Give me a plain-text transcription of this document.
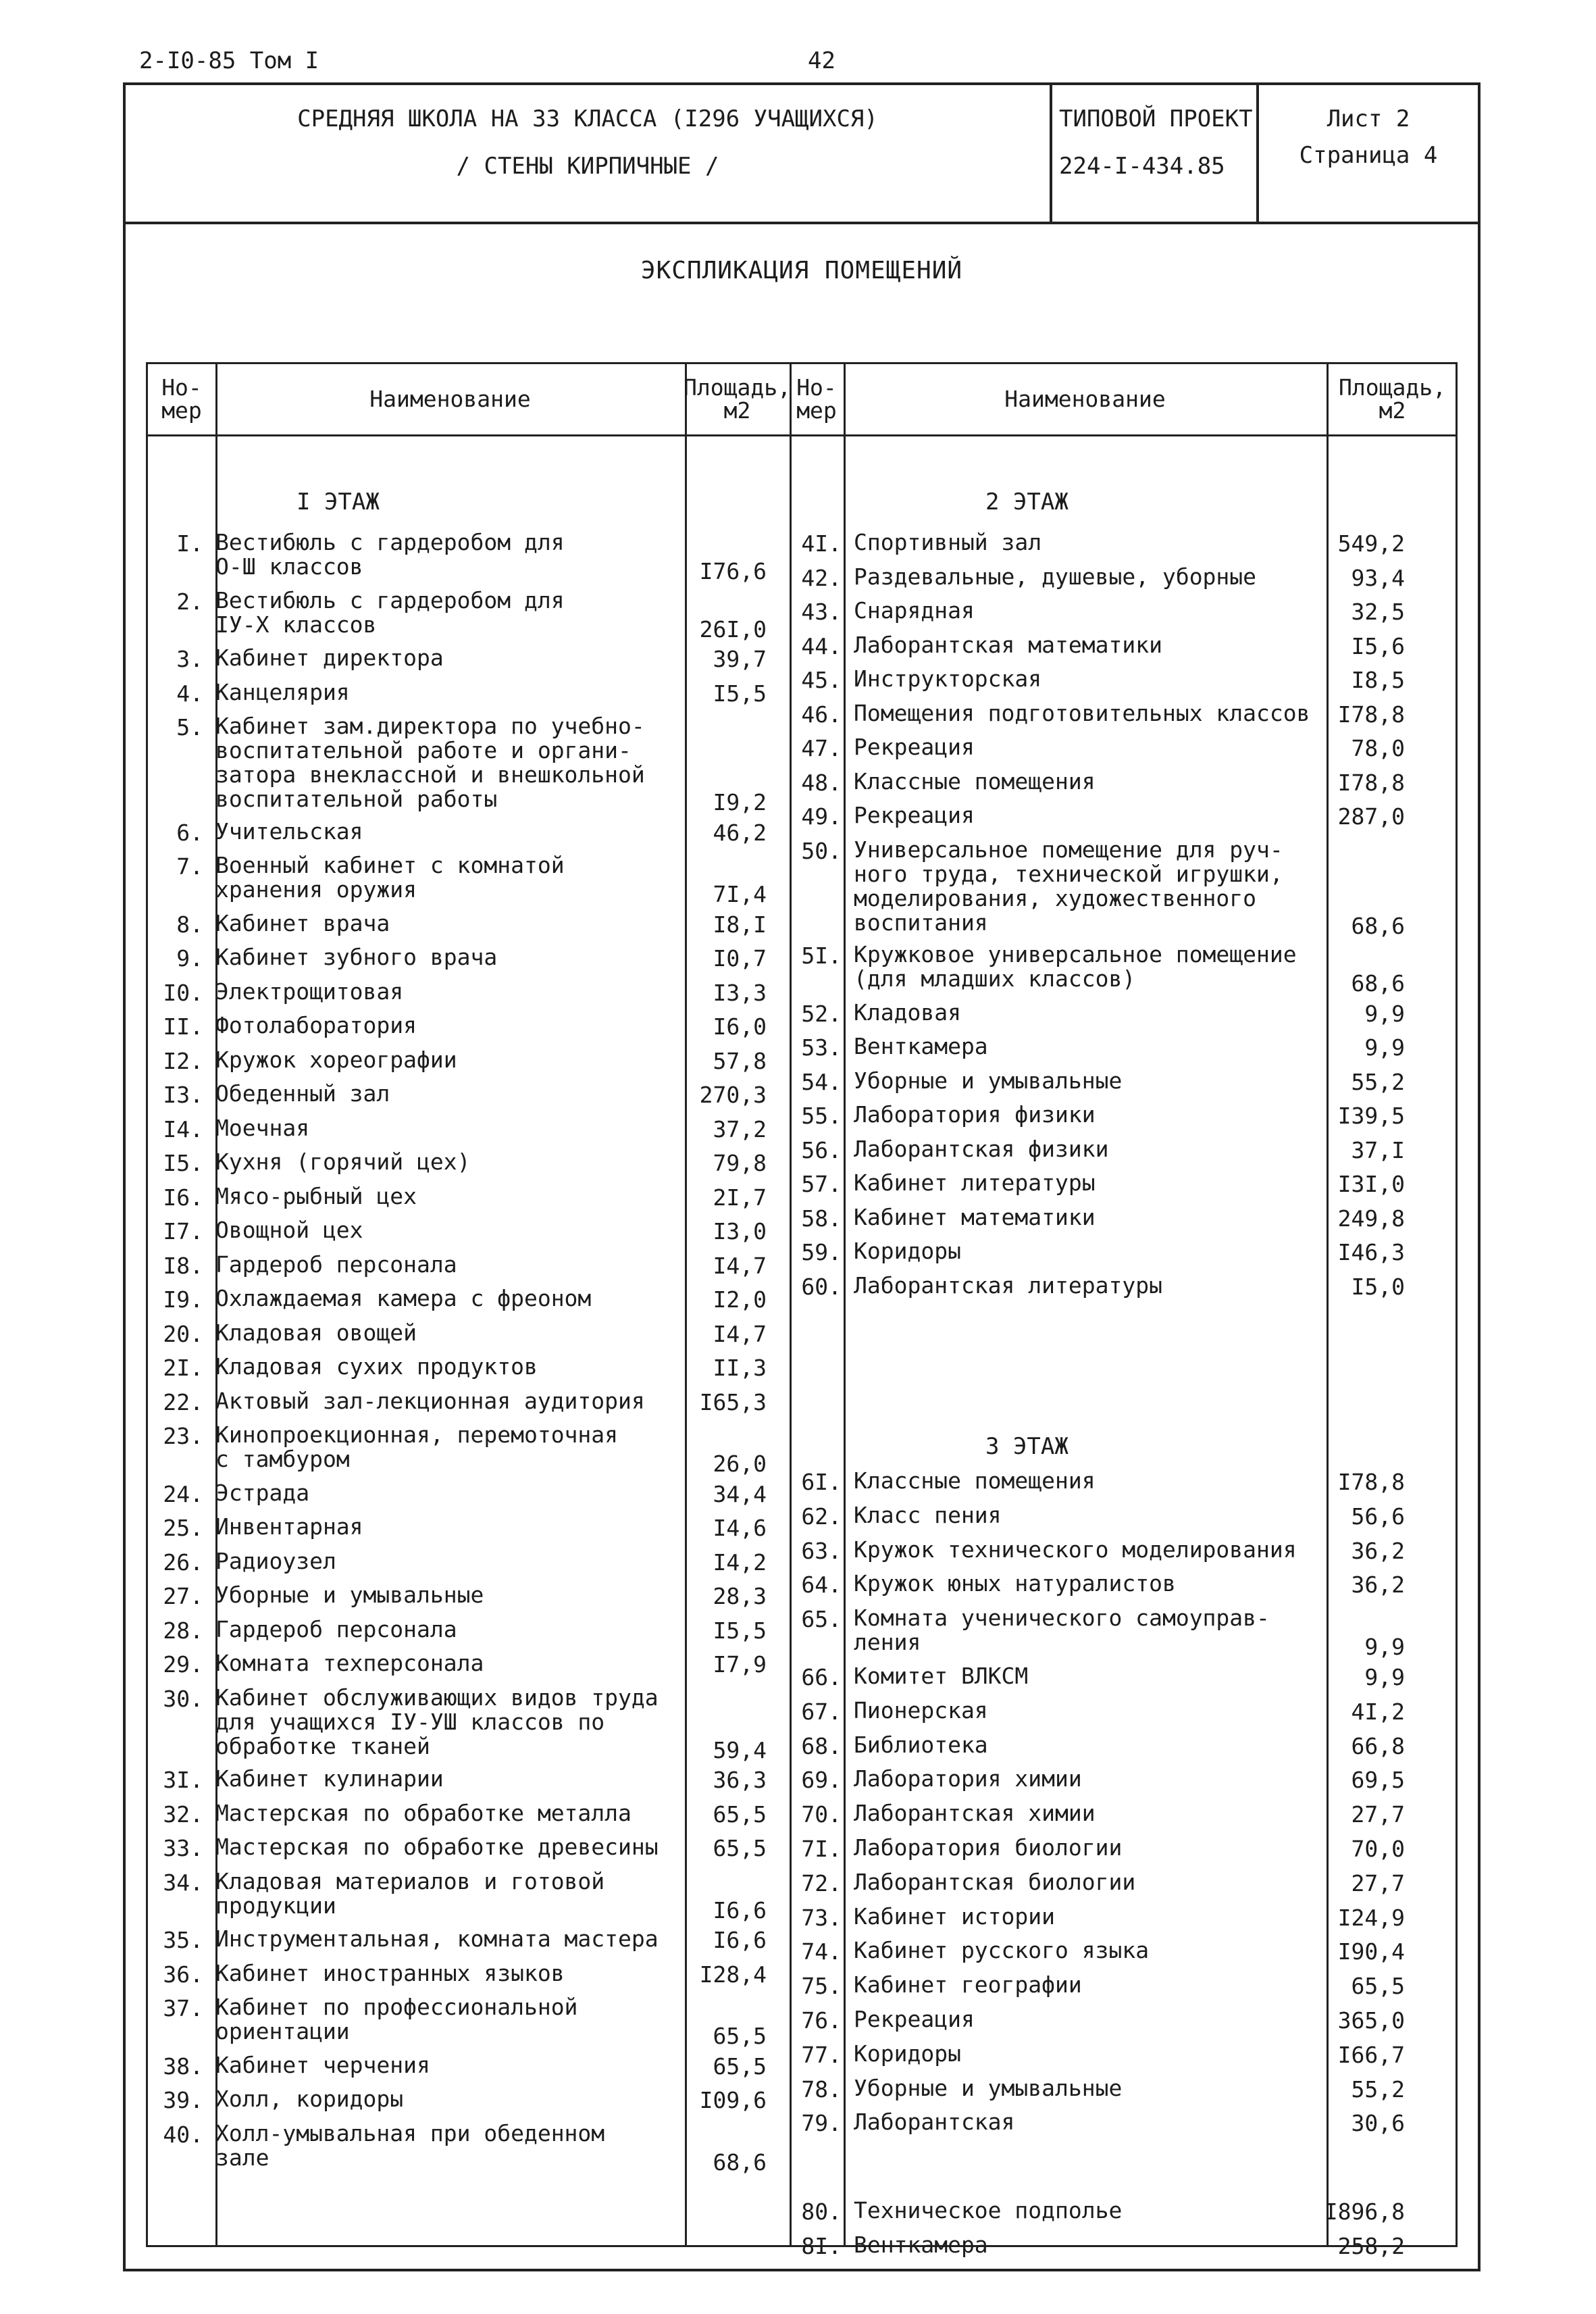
2-I0-85 Том I	42
СРЕДНЯЯ ШКОЛА НА 33 КЛАССА (I296 УЧАЩИХСЯ)
/ СТЕНЫ КИРПИЧНЫЕ /
ТИПОВОЙ ПРОЕКТ
224-I-434.85
Лист 2
Страница 4
ЭКСПЛИКАЦИЯ ПОМЕЩЕНИЙ
Но-
мер	Наименование	Площадь,
м2
Но-
мер	Наименование	Площадь,
м2
I ЭТАЖ	2 ЭТАЖ
3 ЭТАЖ
I. Вестибюль с гардеробом для
О-Ш классов	I76,6
2. Вестибюль с гардеробом для
IУ-Х классов	26I,0
3. Кабинет директора	39,7
4. Канцелярия	I5,5
5. Кабинет зам.директора по учебно-
воспитательной работе и органи-
затора внеклассной и внешкольной
воспитательной работы	I9,2
6. Учительская	46,2
7. Военный кабинет с комнатой
хранения оружия	7I,4
8. Кабинет врача	I8,I
9. Кабинет зубного врача	I0,7
I0. Электрощитовая	I3,3
II. Фотолаборатория	I6,0
I2. Кружок хореографии	57,8
I3. Обеденный зал	270,3
I4. Моечная	37,2
I5. Кухня (горячий цех)	79,8
I6. Мясо-рыбный цех	2I,7
I7. Овощной цех	I3,0
I8. Гардероб персонала	I4,7
I9. Охлаждаемая камера с фреоном	I2,0
20. Кладовая овощей	I4,7
2I. Кладовая сухих продуктов	II,3
22. Актовый зал-лекционная аудитория	I65,3
23. Кинопроекционная, перемоточная
с тамбуром	26,0
24. Эстрада	34,4
25. Инвентарная	I4,6
26. Радиоузел	I4,2
27. Уборные и умывальные	28,3
28. Гардероб персонала	I5,5
29. Комната техперсонала	I7,9
30. Кабинет обслуживающих видов труда
для учащихся IУ-УШ классов по
обработке тканей	59,4
3I. Кабинет кулинарии	36,3
32. Мастерская по обработке металла	65,5
33. Мастерская по обработке древесины	65,5
34. Кладовая материалов и готовой
продукции	I6,6
35. Инструментальная, комната мастера	I6,6
36. Кабинет иностранных языков	I28,4
37. Кабинет по профессиональной
ориентации	65,5
38. Кабинет черчения	65,5
39. Холл, коридоры	I09,6
40. Холл-умывальная при обеденном
зале	68,6
4I. Спортивный зал	549,2
42. Раздевальные, душевые, уборные	93,4
43. Снарядная	32,5
44. Лаборантская математики	I5,6
45. Инструкторская	I8,5
46. Помещения подготовительных классов	I78,8
47. Рекреация	78,0
48. Классные помещения	I78,8
49. Рекреация	287,0
50. Универсальное помещение для руч-
ного труда, технической игрушки,
моделирования, художественного
воспитания	68,6
5I. Кружковое универсальное помещение
(для младших классов)	68,6
52. Кладовая	9,9
53. Венткамера	9,9
54. Уборные и умывальные	55,2
55. Лаборатория физики	I39,5
56. Лаборантская физики	37,I
57. Кабинет литературы	I3I,0
58. Кабинет математики	249,8
59. Коридоры	I46,3
60. Лаборантская литературы	I5,0
6I. Классные помещения	I78,8
62. Класс пения	56,6
63. Кружок технического моделирования	36,2
64. Кружок юных натуралистов	36,2
65. Комната ученического самоуправ-
ления	9,9
66. Комитет ВЛКСМ	9,9
67. Пионерская	4I,2
68. Библиотека	66,8
69. Лаборатория химии	69,5
70. Лаборантская химии	27,7
7I. Лаборатория биологии	70,0
72. Лаборантская биологии	27,7
73. Кабинет истории	I24,9
74. Кабинет русского языка	I90,4
75. Кабинет географии	65,5
76. Рекреация	365,0
77. Коридоры	I66,7
78. Уборные и умывальные	55,2
79. Лаборантская	30,6
80. Техническое подполье	I896,8
8I. Венткамера	258,2
